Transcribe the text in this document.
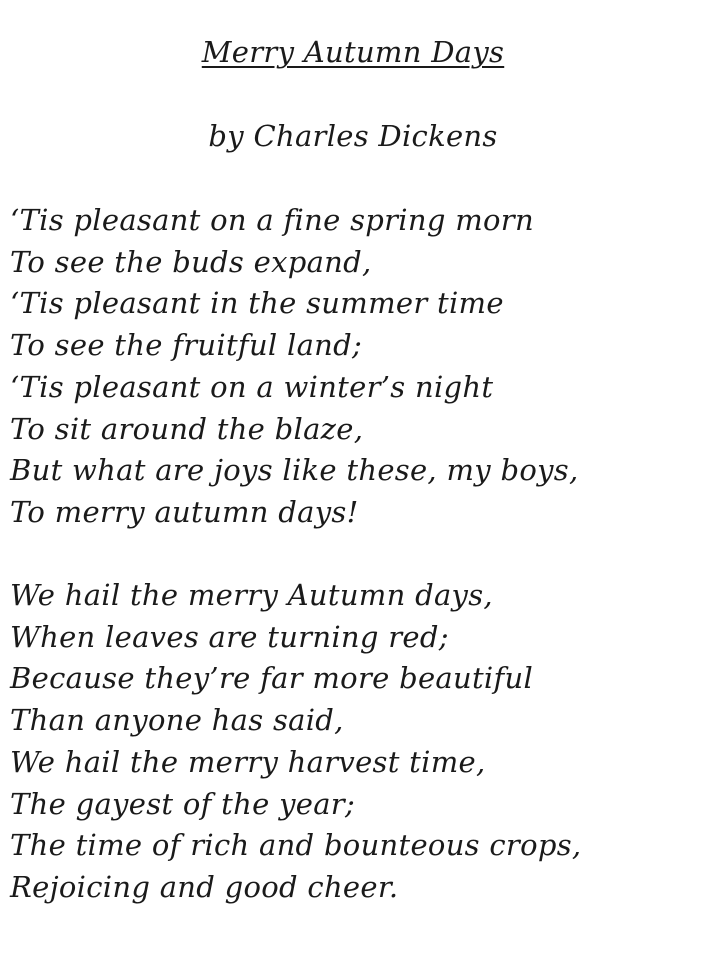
Merry Autumn Days
by Charles Dickens
‘Tis pleasant on a fine spring morn
To see the buds expand,
‘Tis pleasant in the summer time
To see the fruitful land;
‘Tis pleasant on a winter’s night
To sit around the blaze,
But what are joys like these, my boys,
To merry autumn days!
We hail the merry Autumn days,
When leaves are turning red;
Because they’re far more beautiful
Than anyone has said,
We hail the merry harvest time,
The gayest of the year;
The time of rich and bounteous crops,
Rejoicing and good cheer.
